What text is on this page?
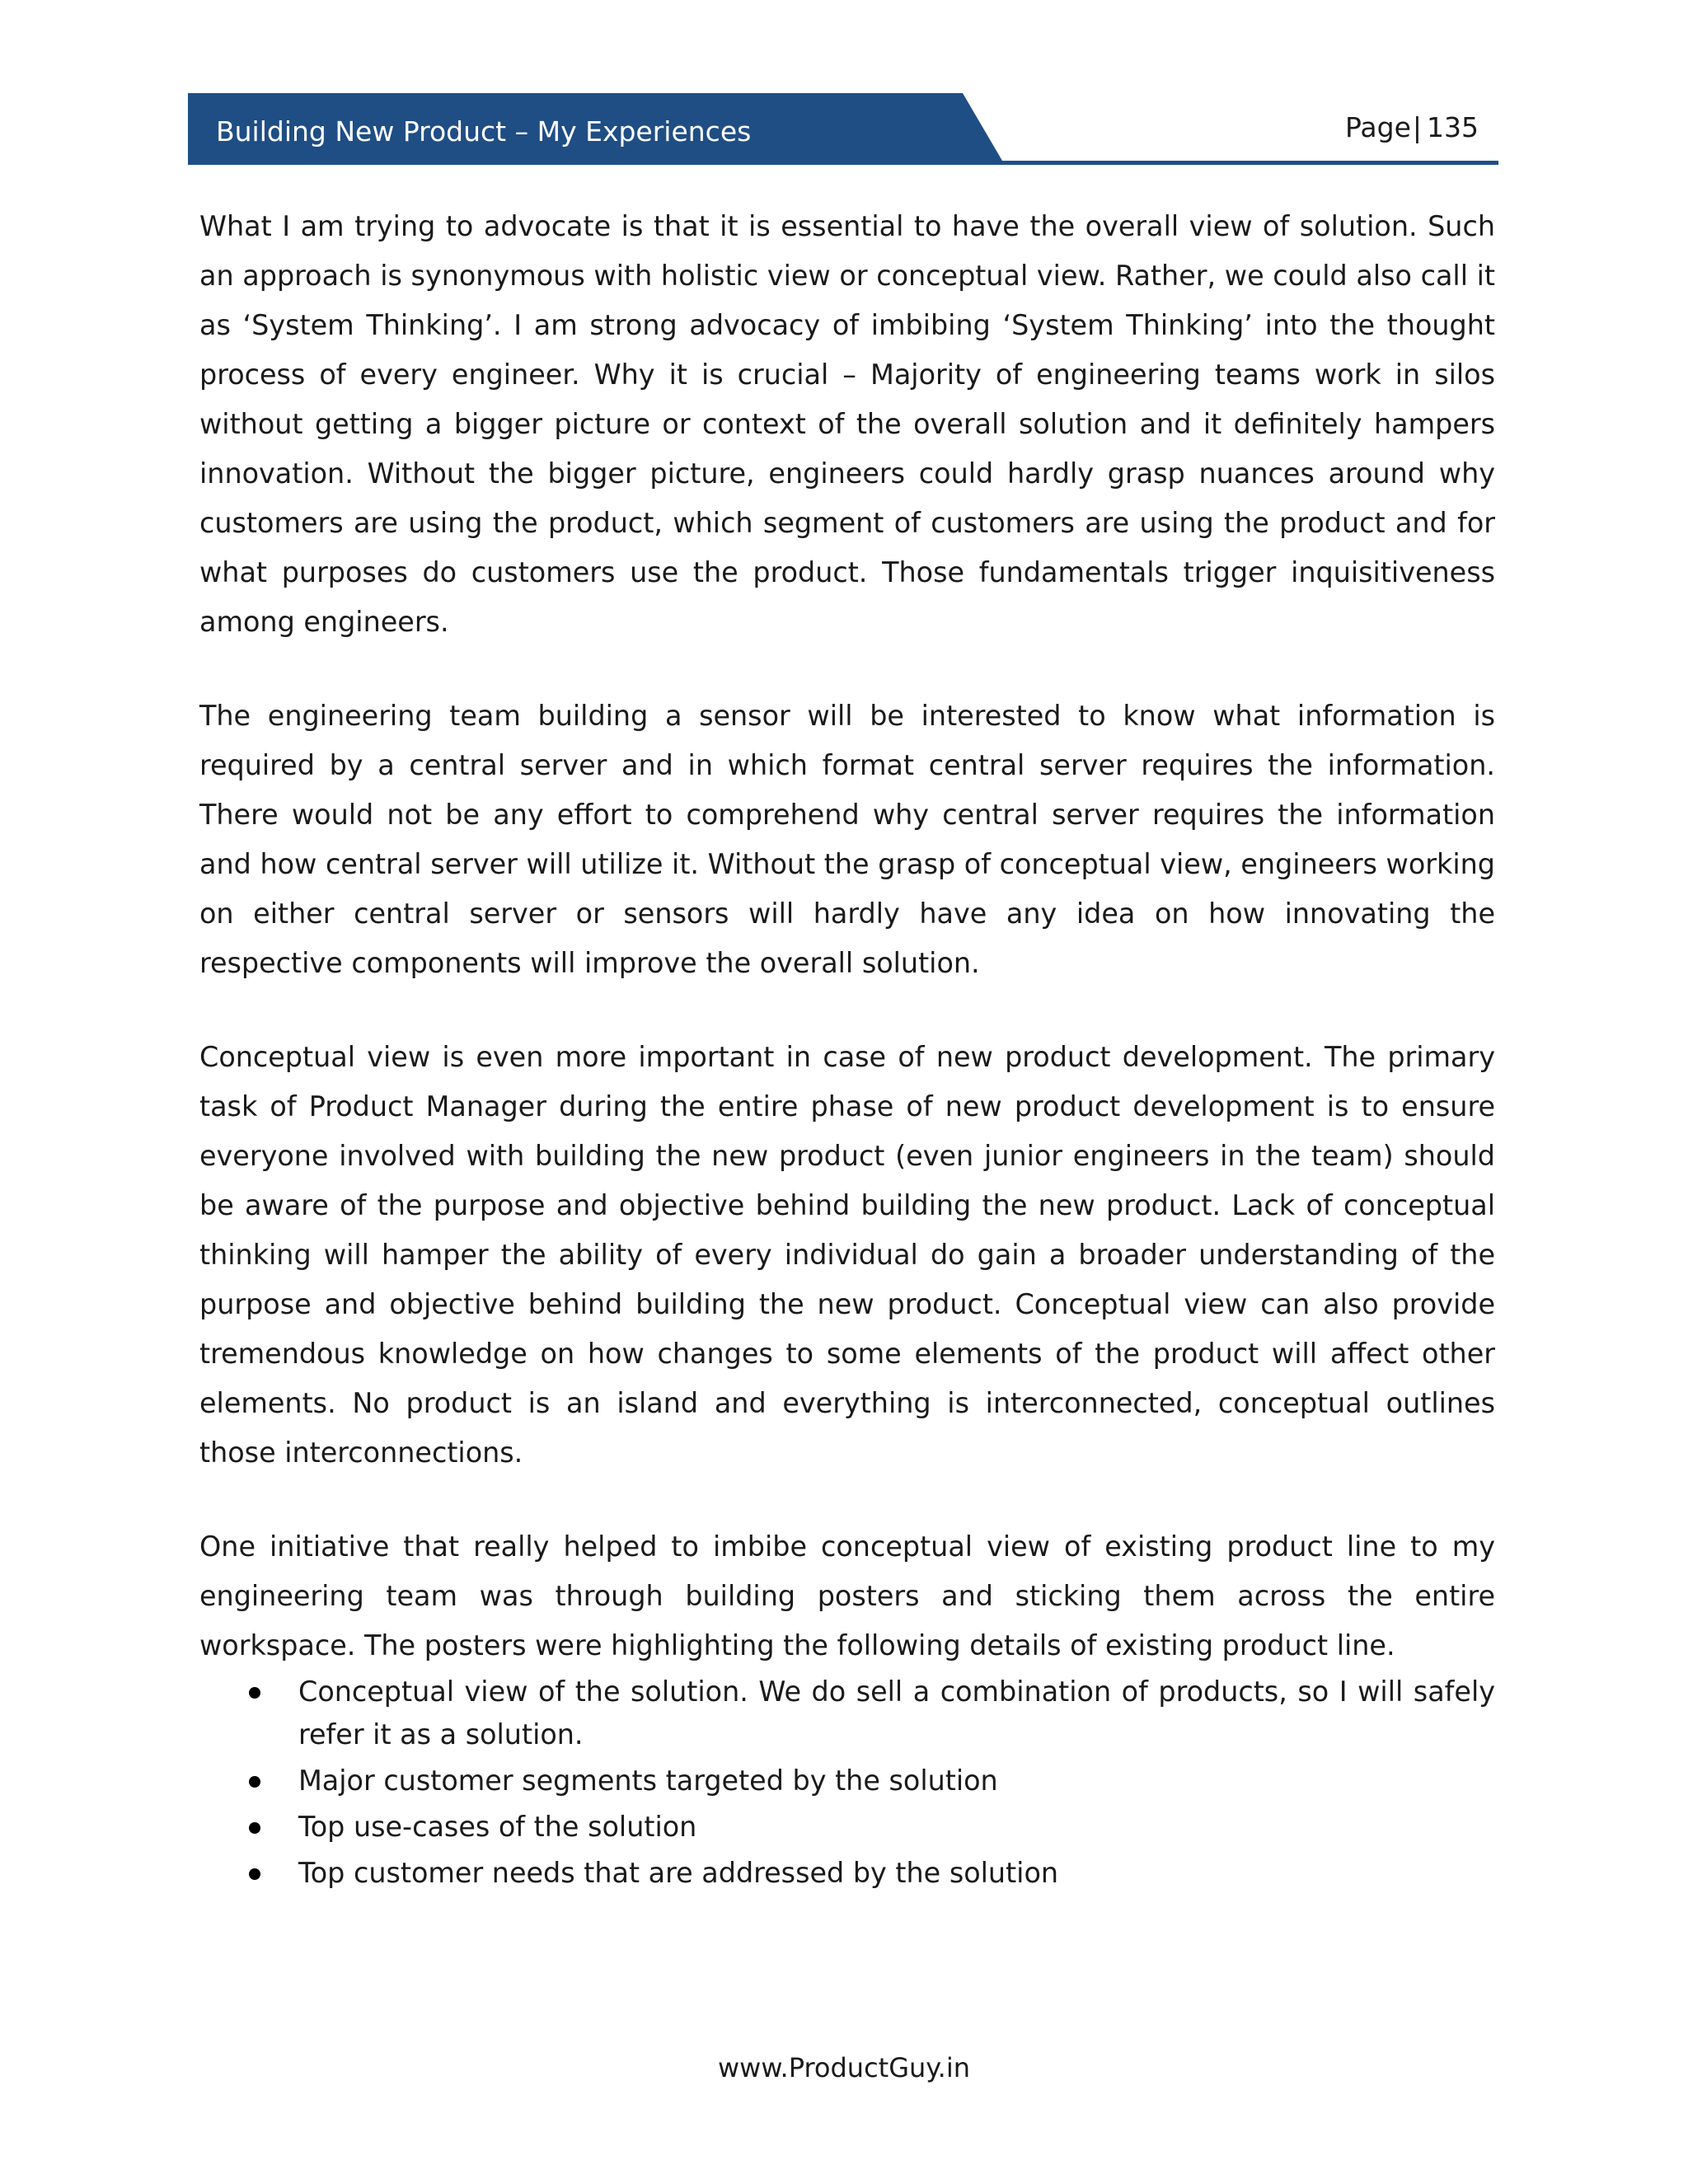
Building New Product – My Experiences	Page| 135

What I am trying to advocate is that it is essential to have the overall view of solution. Such an approach is synonymous with holistic view or conceptual view. Rather, we could also call it as ‘System Thinking’. I am strong advocacy of imbibing ‘System Thinking’ into the thought process of every engineer. Why it is crucial – Majority of engineering teams work in silos without getting a bigger picture or context of the overall solution and it definitely hampers innovation. Without the bigger picture, engineers could hardly grasp nuances around why customers are using the product, which segment of customers are using the product and for what purposes do customers use the product. Those fundamentals trigger inquisitiveness among engineers.

The engineering team building a sensor will be interested to know what information is required by a central server and in which format central server requires the information. There would not be any effort to comprehend why central server requires the information and how central server will utilize it. Without the grasp of conceptual view, engineers working on either central server or sensors will hardly have any idea on how innovating the respective components will improve the overall solution.

Conceptual view is even more important in case of new product development. The primary task of Product Manager during the entire phase of new product development is to ensure everyone involved with building the new product (even junior engineers in the team) should be aware of the purpose and objective behind building the new product. Lack of conceptual thinking will hamper the ability of every individual do gain a broader understanding of the purpose and objective behind building the new product. Conceptual view can also provide tremendous knowledge on how changes to some elements of the product will affect other elements. No product is an island and everything is interconnected, conceptual outlines those interconnections.

One initiative that really helped to imbibe conceptual view of existing product line to my engineering team was through building posters and sticking them across the entire workspace. The posters were highlighting the following details of existing product line.

Conceptual view of the solution. We do sell a combination of products, so I will safely refer it as a solution.
Major customer segments targeted by the solution
Top use-cases of the solution
Top customer needs that are addressed by the solution
www.ProductGuy.in
